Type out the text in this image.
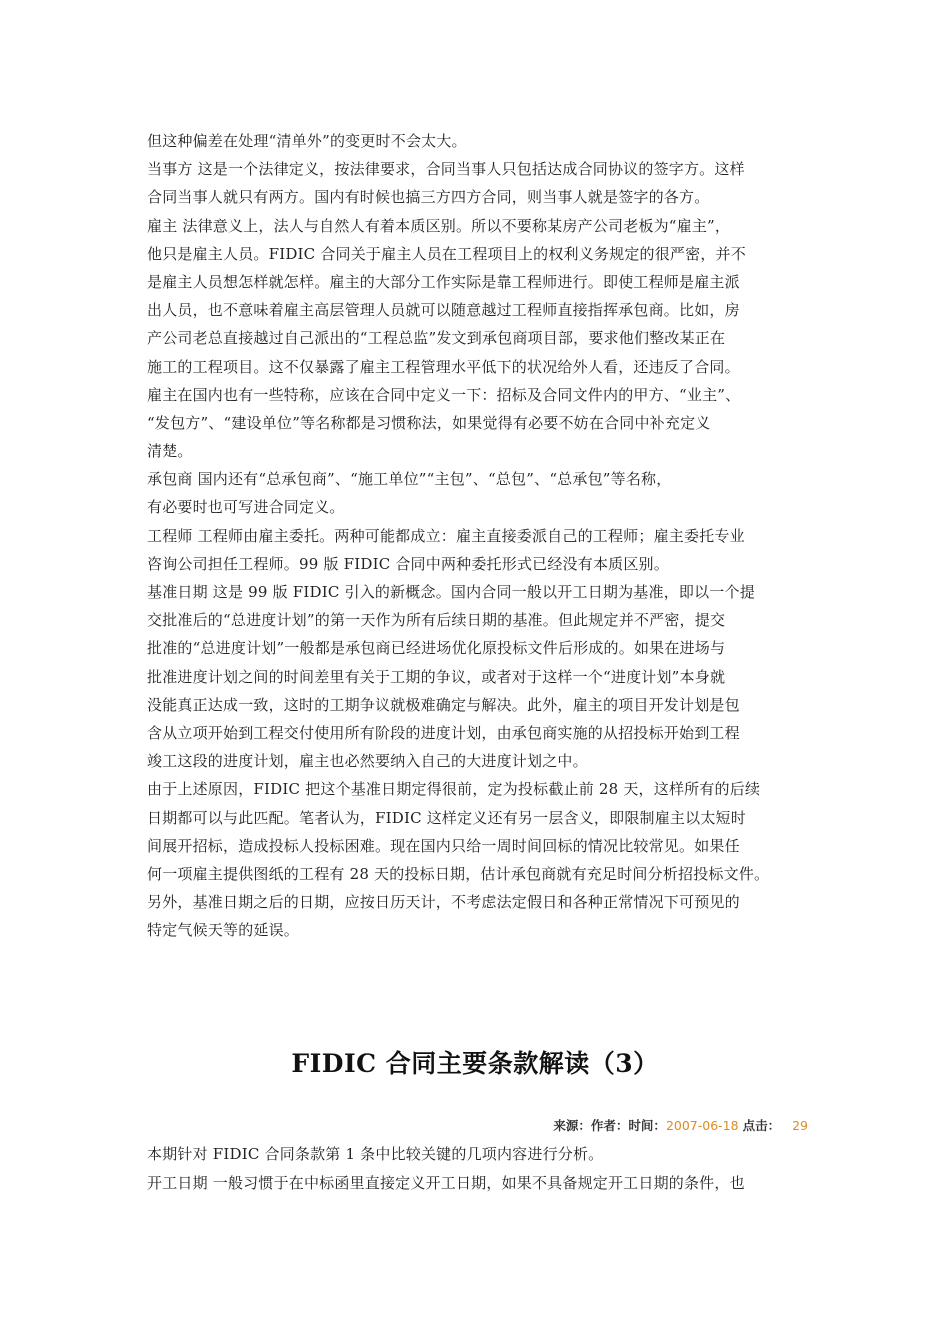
但这种偏差在处理“清单外”的变更时不会太大。
当事方 这是一个法律定义，按法律要求，合同当事人只包括达成合同协议的签字方。这样
合同当事人就只有两方。国内有时候也搞三方四方合同，则当事人就是签字的各方。
雇主 法律意义上，法人与自然人有着本质区别。所以不要称某房产公司老板为“雇主”，
他只是雇主人员。FIDIC 合同关于雇主人员在工程项目上的权利义务规定的很严密，并不
是雇主人员想怎样就怎样。雇主的大部分工作实际是靠工程师进行。即使工程师是雇主派
出人员，也不意味着雇主高层管理人员就可以随意越过工程师直接指挥承包商。比如，房
产公司老总直接越过自己派出的“工程总监”发文到承包商项目部，要求他们整改某正在
施工的工程项目。这不仅暴露了雇主工程管理水平低下的状况给外人看，还违反了合同。
雇主在国内也有一些特称，应该在合同中定义一下：招标及合同文件内的甲方、“业主”、
“发包方”、“建设单位”等名称都是习惯称法，如果觉得有必要不妨在合同中补充定义
清楚。
承包商 国内还有“总承包商”、“施工单位”“主包”、“总包”、“总承包”等名称，
有必要时也可写进合同定义。
工程师 工程师由雇主委托。两种可能都成立：雇主直接委派自己的工程师；雇主委托专业
咨询公司担任工程师。99 版 FIDIC 合同中两种委托形式已经没有本质区别。
基准日期 这是 99 版 FIDIC 引入的新概念。国内合同一般以开工日期为基准，即以一个提
交批准后的“总进度计划”的第一天作为所有后续日期的基准。但此规定并不严密，提交
批准的“总进度计划”一般都是承包商已经进场优化原投标文件后形成的。如果在进场与
批准进度计划之间的时间差里有关于工期的争议，或者对于这样一个“进度计划”本身就
没能真正达成一致，这时的工期争议就极难确定与解决。此外，雇主的项目开发计划是包
含从立项开始到工程交付使用所有阶段的进度计划，由承包商实施的从招投标开始到工程
竣工这段的进度计划，雇主也必然要纳入自己的大进度计划之中。
由于上述原因，FIDIC 把这个基准日期定得很前，定为投标截止前 28 天，这样所有的后续
日期都可以与此匹配。笔者认为，FIDIC 这样定义还有另一层含义，即限制雇主以太短时
间展开招标，造成投标人投标困难。现在国内只给一周时间回标的情况比较常见。如果任
何一项雇主提供图纸的工程有 28 天的投标日期，估计承包商就有充足时间分析招投标文件。
另外，基准日期之后的日期，应按日历天计，不考虑法定假日和各种正常情况下可预见的
特定气候天等的延误。
FIDIC 合同主要条款解读（3）
来源：作者：时间：2007-06-18 点击： 29
本期针对 FIDIC 合同条款第 1 条中比较关键的几项内容进行分析。
开工日期 一般习惯于在中标函里直接定义开工日期，如果不具备规定开工日期的条件，也
